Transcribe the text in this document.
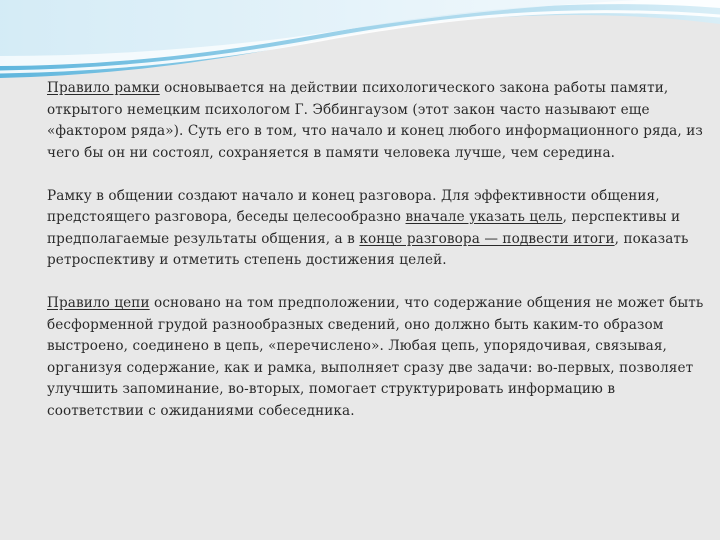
Правило рамки основывается на действии психологического закона работы памяти, открытого немецким психологом Г. Эббингаузом (этот закон часто называют еще «фактором ряда»). Суть его в том, что начало и конец любого информационного ряда, из чего бы он ни состоял, сохраняется в памяти человека лучше, чем середина.

Рамку в общении создают начало и конец разговора. Для эффективности общения, предстоящего разговора, беседы целесообразно вначале указать цель, перспективы и предполагаемые результаты общения, а в конце разговора — подвести итоги, показать ретроспективу и отметить степень достижения целей.

Правило цепи основано на том предположении, что содержание общения не может быть бесформенной грудой разнообразных сведений, оно должно быть каким-то образом выстроено, соединено в цепь, «перечислено». Любая цепь, упорядочивая, связывая, организуя содержание, как и рамка, выполняет сразу две задачи: во-первых, позволяет улучшить запоминание, во-вторых, помогает структурировать информацию в соответствии с ожиданиями собеседника.
